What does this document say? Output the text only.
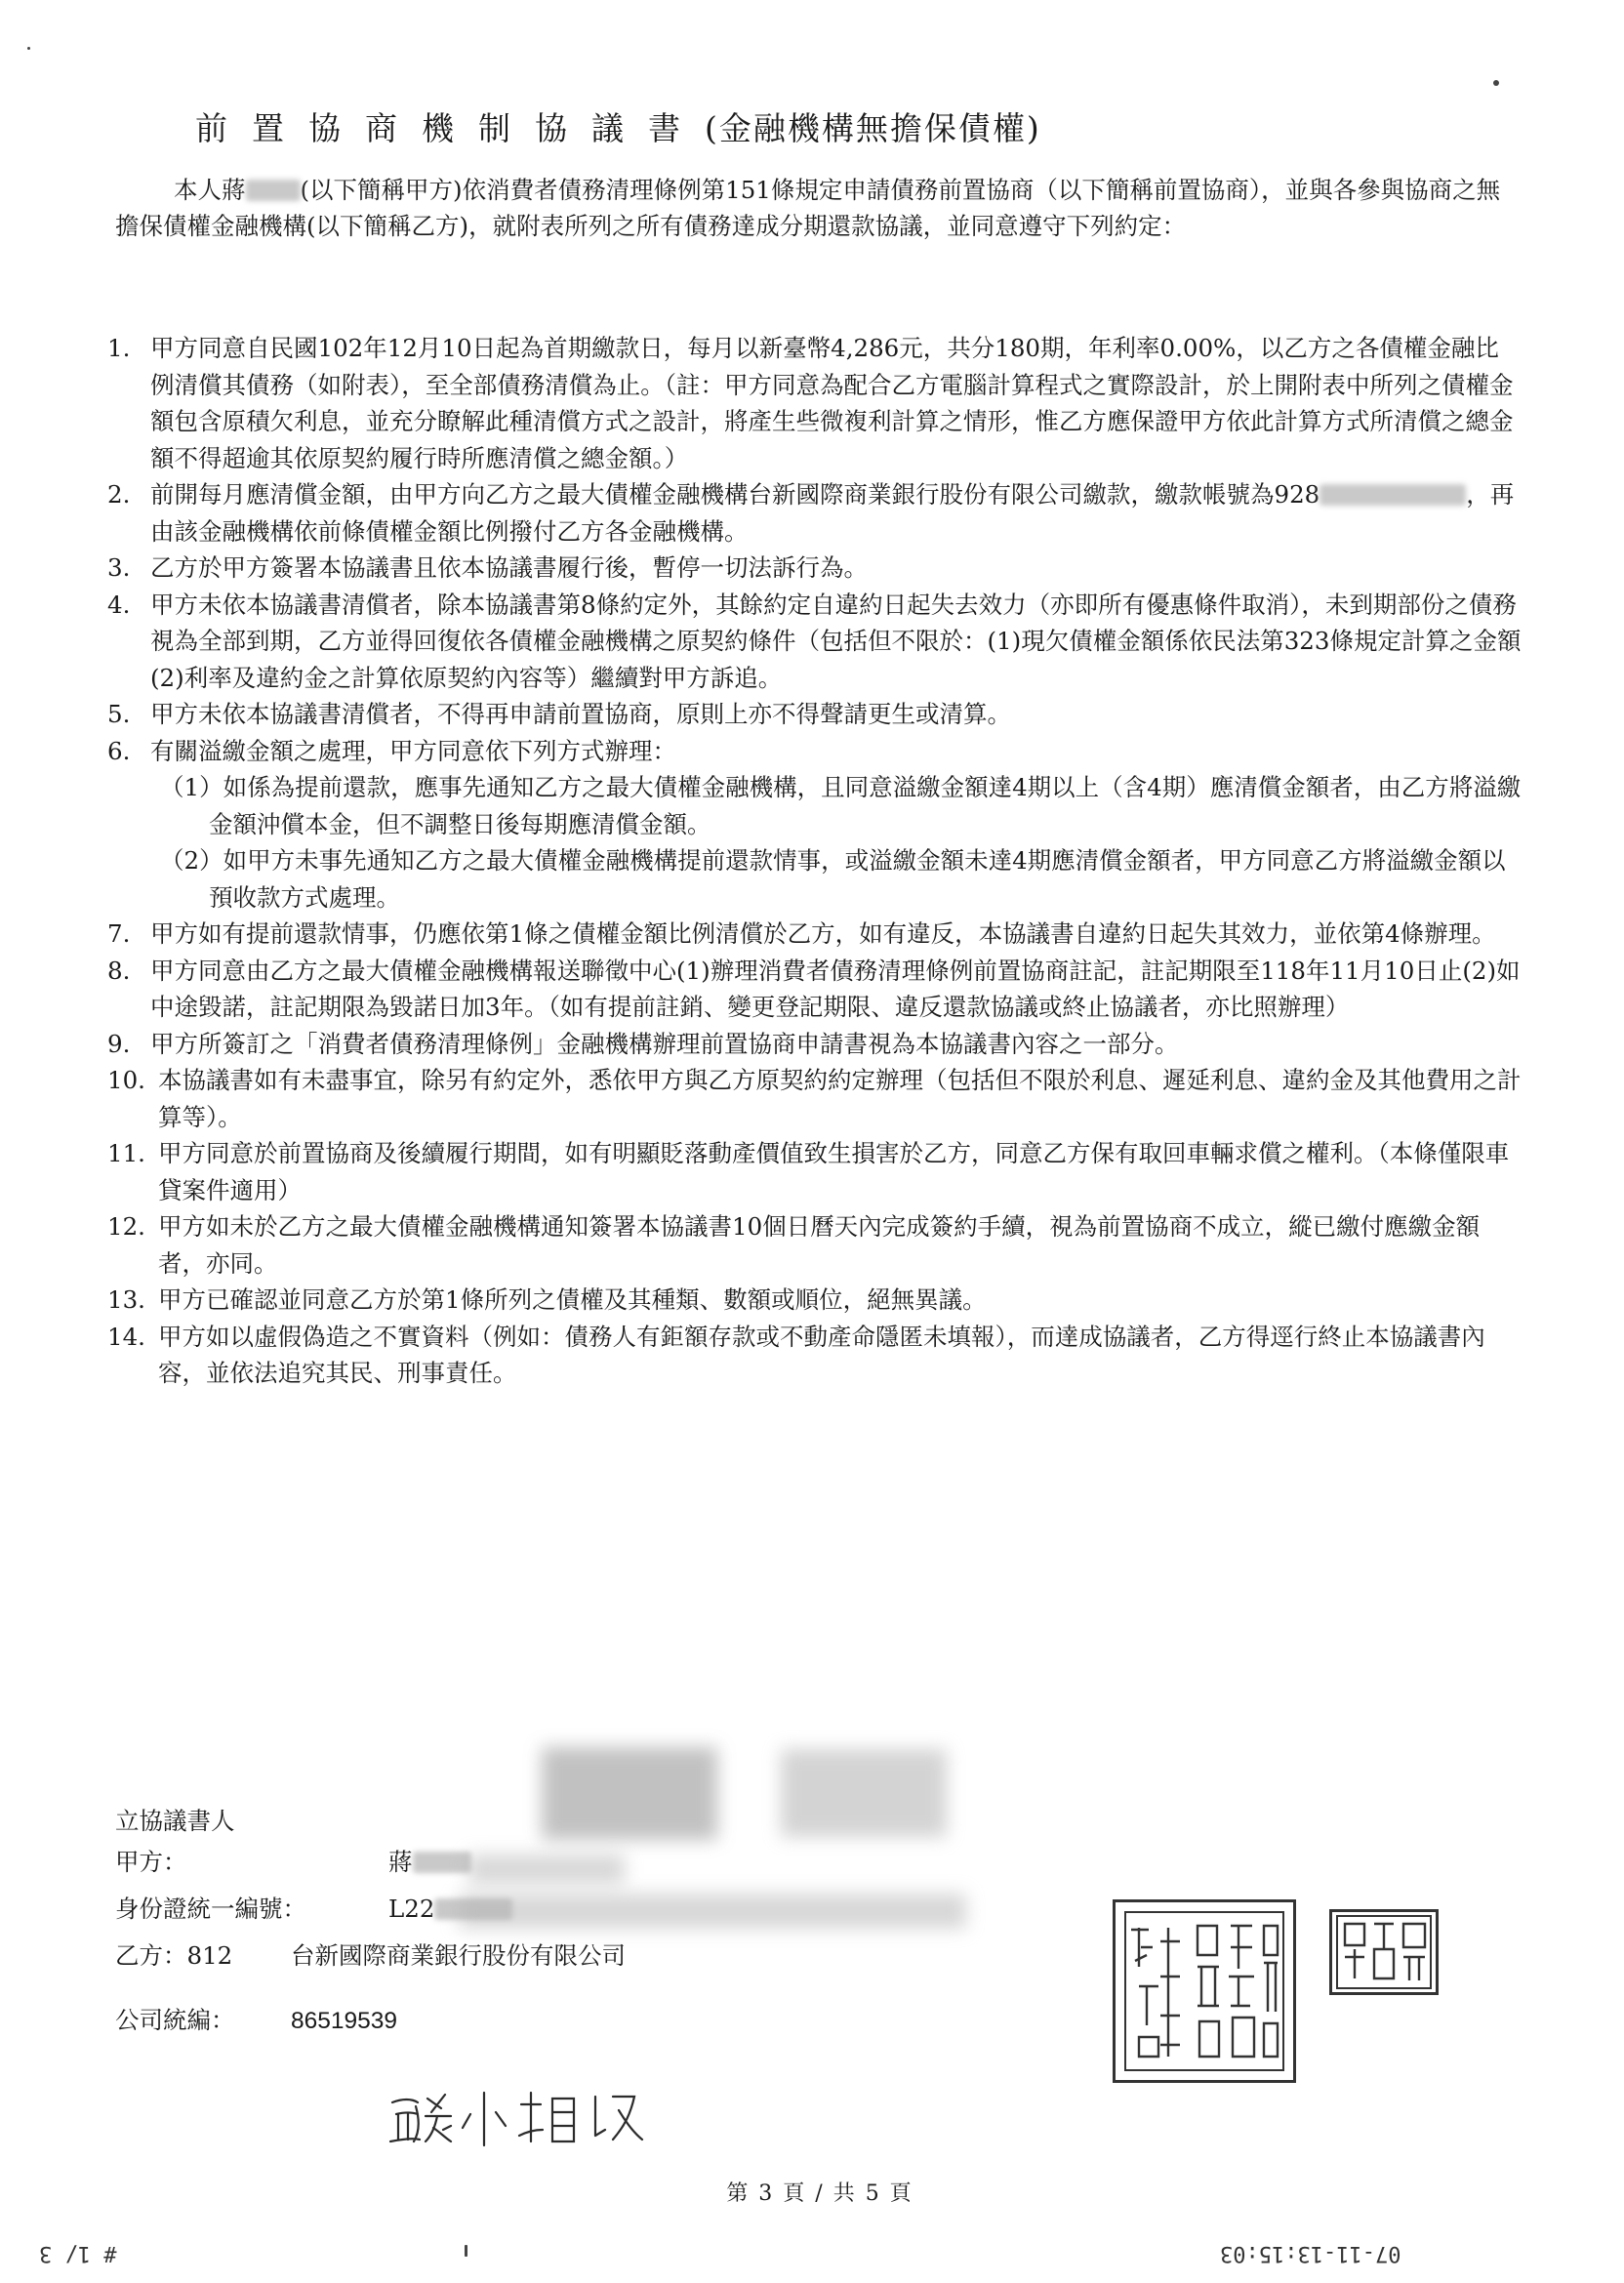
前置協商機制協議書(金融機構無擔保債權)
本人蔣 (以下簡稱甲方)依消費者債務清理條例第151條規定申請債務前置協商（以下簡稱前置協商），並與各參與協商之無擔保債權金融機構(以下簡稱乙方)，就附表所列之所有債務達成分期還款協議，並同意遵守下列約定：
1. 甲方同意自民國102年12月10日起為首期繳款日，每月以新臺幣4,286元，共分180期，年利率0.00%，以乙方之各債權金融比例清償其債務（如附表），至全部債務清償為止。（註：甲方同意為配合乙方電腦計算程式之實際設計，於上開附表中所列之債權金額包含原積欠利息，並充分瞭解此種清償方式之設計，將產生些微複利計算之情形，惟乙方應保證甲方依此計算方式所清償之總金額不得超逾其依原契約履行時所應清償之總金額。）
2. 前開每月應清償金額，由甲方向乙方之最大債權金融機構台新國際商業銀行股份有限公司繳款，繳款帳號為928	，再由該金融機構依前條債權金額比例撥付乙方各金融機構。
3. 乙方於甲方簽署本協議書且依本協議書履行後，暫停一切法訴行為。
4. 甲方未依本協議書清償者，除本協議書第8條約定外，其餘約定自違約日起失去效力（亦即所有優惠條件取消），未到期部份之債務視為全部到期，乙方並得回復依各債權金融機構之原契約條件（包括但不限於：(1)現欠債權金額係依民法第323條規定計算之金額(2)利率及違約金之計算依原契約內容等）繼續對甲方訴追。
5. 甲方未依本協議書清償者，不得再申請前置協商，原則上亦不得聲請更生或清算。
6. 有關溢繳金額之處理，甲方同意依下列方式辦理：
（1）如係為提前還款，應事先通知乙方之最大債權金融機構，且同意溢繳金額達4期以上（含4期）應清償金額者，由乙方將溢繳金額沖償本金，但不調整日後每期應清償金額。
（2）如甲方未事先通知乙方之最大債權金融機構提前還款情事，或溢繳金額未達4期應清償金額者，甲方同意乙方將溢繳金額以預收款方式處理。
7. 甲方如有提前還款情事，仍應依第1條之債權金額比例清償於乙方，如有違反，本協議書自違約日起失其效力，並依第4條辦理。
8. 甲方同意由乙方之最大債權金融機構報送聯徵中心(1)辦理消費者債務清理條例前置協商註記，註記期限至118年11月10日止(2)如中途毀諾，註記期限為毀諾日加3年。（如有提前註銷、變更登記期限、違反還款協議或終止協議者，亦比照辦理）
9. 甲方所簽訂之「消費者債務清理條例」金融機構辦理前置協商申請書視為本協議書內容之一部分。
10. 本協議書如有未盡事宜，除另有約定外，悉依甲方與乙方原契約約定辦理（包括但不限於利息、遲延利息、違約金及其他費用之計算等）。
11. 甲方同意於前置協商及後續履行期間，如有明顯貶落動產價值致生損害於乙方，同意乙方保有取回車輛求償之權利。（本條僅限車貸案件適用）
12. 甲方如未於乙方之最大債權金融機構通知簽署本協議書10個日曆天內完成簽約手續，視為前置協商不成立，縱已繳付應繳金額者，亦同。
13. 甲方已確認並同意乙方於第1條所列之債權及其種類、數額或順位，絕無異議。
14. 甲方如以虛假偽造之不實資料（例如：債務人有鉅額存款或不動產命隱匿未填報），而達成協議者，乙方得逕行終止本協議書內容，並依法追究其民、刑事責任。
立協議書人
甲方：	蔣
身份證統一編號：	L22
乙方：812 台新國際商業銀行股份有限公司
公司統編： 86519539
第 3 頁 / 共 5 頁
# 1/ 3	07-11-13:15:03
